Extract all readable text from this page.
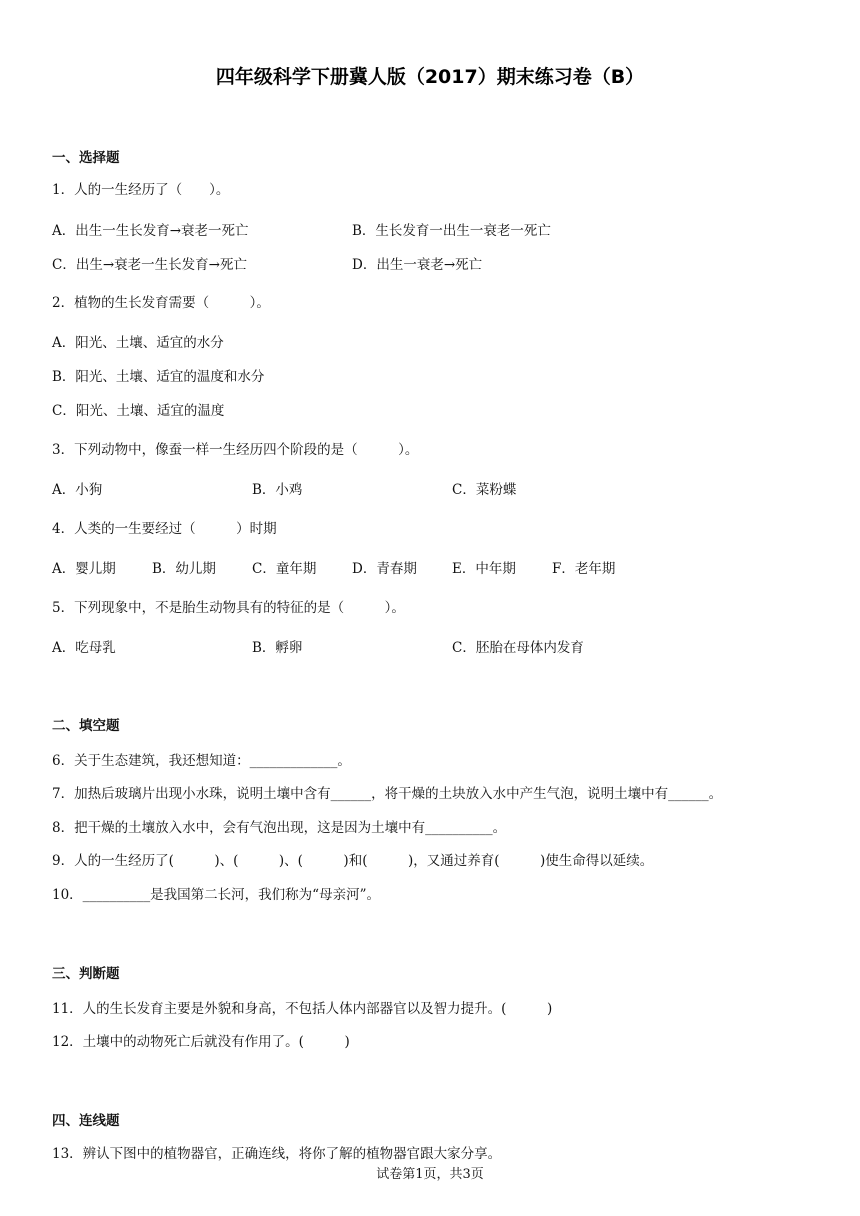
四年级科学下册冀人版（2017）期末练习卷（B）
一、选择题
1．人的一生经历了（　　）。
A．出生一生长发育→衰老一死亡	B．生长发育一出生一衰老一死亡
C．出生→衰老一生长发育→死亡	D．出生一衰老→死亡
2．植物的生长发育需要（　　　）。
A．阳光、土壤、适宜的水分
B．阳光、土壤、适宜的温度和水分
C．阳光、土壤、适宜的温度
3．下列动物中，像蚕一样一生经历四个阶段的是（　　　）。
A．小狗	B．小鸡	C．菜粉蝶
4．人类的一生要经过（　　　）时期
A．婴儿期	B．幼儿期	C．童年期	D．青春期	E．中年期	F．老年期
5．下列现象中，不是胎生动物具有的特征的是（　　　）。
A．吃母乳	B．孵卵	C．胚胎在母体内发育
二、填空题
6．关于生态建筑，我还想知道：_____________。
7．加热后玻璃片出现小水珠，说明土壤中含有______，将干燥的土块放入水中产生气泡，说明土壤中有______。
8．把干燥的土壤放入水中，会有气泡出现，这是因为土壤中有__________。
9．人的一生经历了(　　　)、(　　　)、(　　　)和(　　　)，又通过养育(　　　)使生命得以延续。
10．__________是我国第二长河，我们称为“母亲河”。
三、判断题
11．人的生长发育主要是外貌和身高，不包括人体内部器官以及智力提升。(　　　)
12．土壤中的动物死亡后就没有作用了。(　　　)
四、连线题
13．辨认下图中的植物器官，正确连线，将你了解的植物器官跟大家分享。
试卷第1页，共3页
